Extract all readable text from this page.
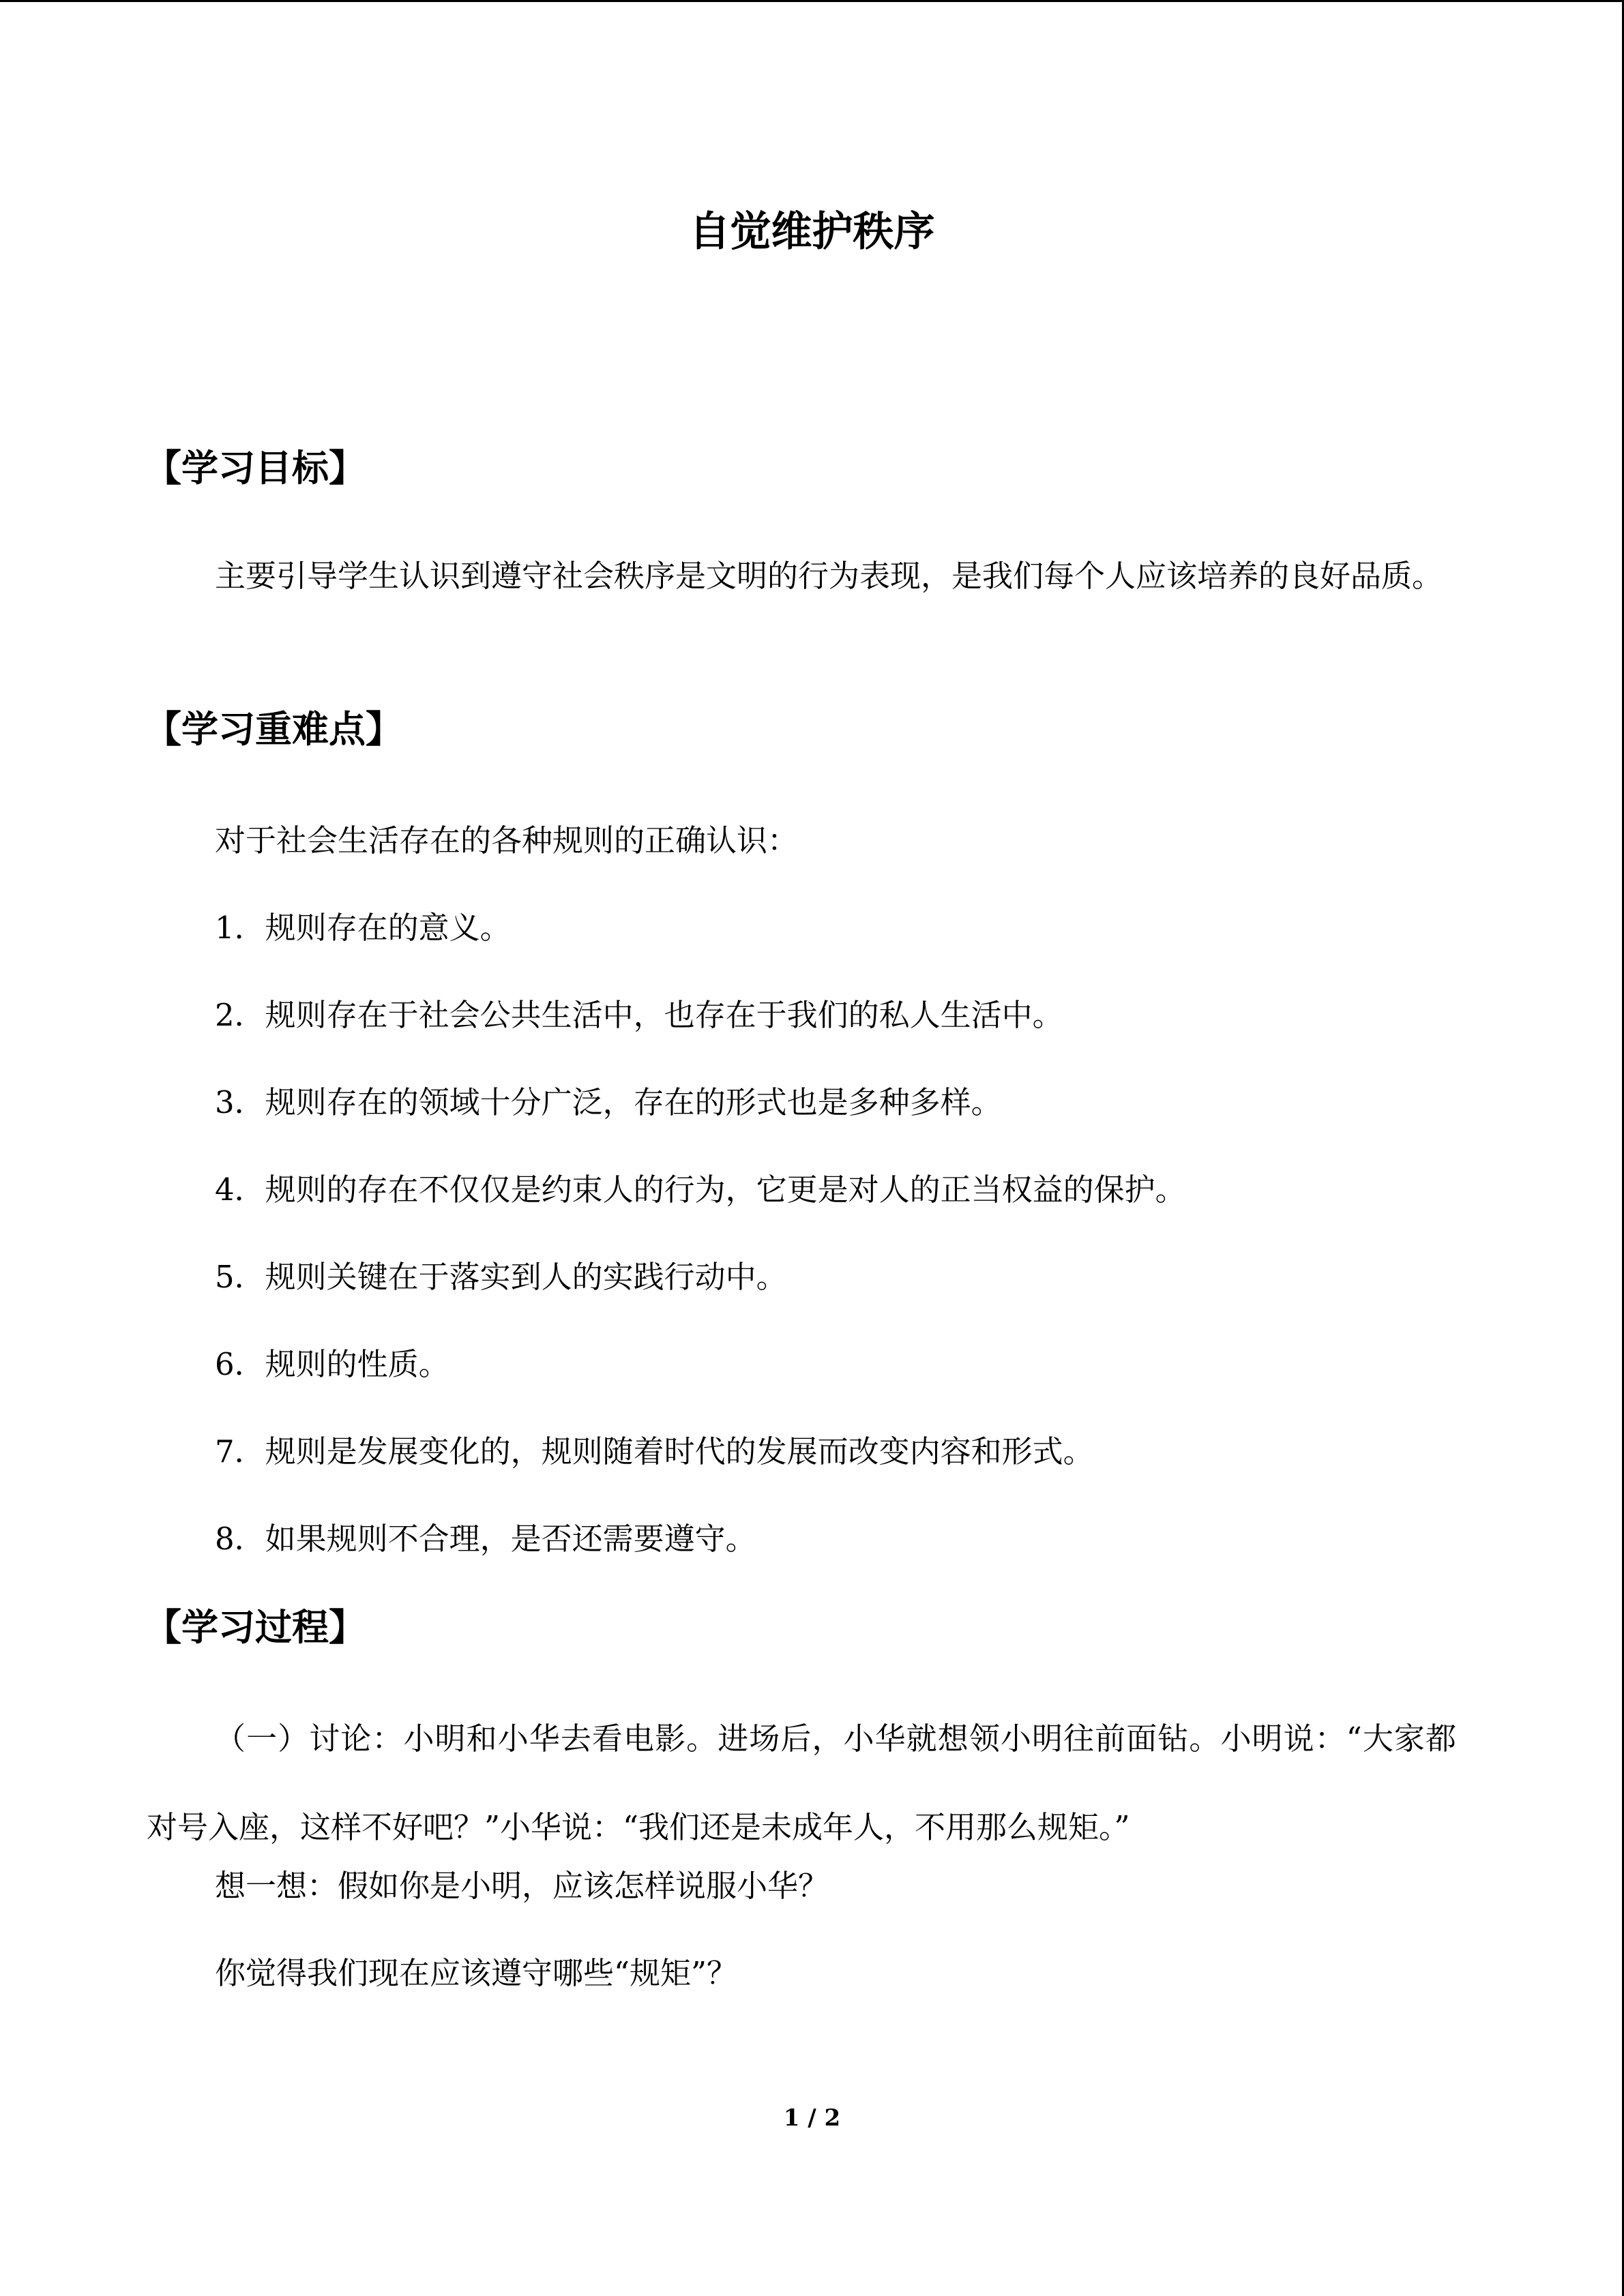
自觉维护秩序
【学习目标】

主要引导学生认识到遵守社会秩序是文明的行为表现，是我们每个人应该培养的良好品质。

【学习重难点】
对于社会生活存在的各种规则的正确认识：
1．规则存在的意义。
2．规则存在于社会公共生活中，也存在于我们的私人生活中。
3．规则存在的领域十分广泛，存在的形式也是多种多样。
4．规则的存在不仅仅是约束人的行为，它更是对人的正当权益的保护。
5．规则关键在于落实到人的实践行动中。
6．规则的性质。
7．规则是发展变化的，规则随着时代的发展而改变内容和形式。
8．如果规则不合理，是否还需要遵守。
【学习过程】

（一）讨论：小明和小华去看电影。进场后，小华就想领小明往前面钻。小明说：“大家都对号入座，这样不好吧？”小华说：“我们还是未成年人，不用那么规矩。”

想一想：假如你是小明，应该怎样说服小华？
你觉得我们现在应该遵守哪些“规矩”？
1 / 2
